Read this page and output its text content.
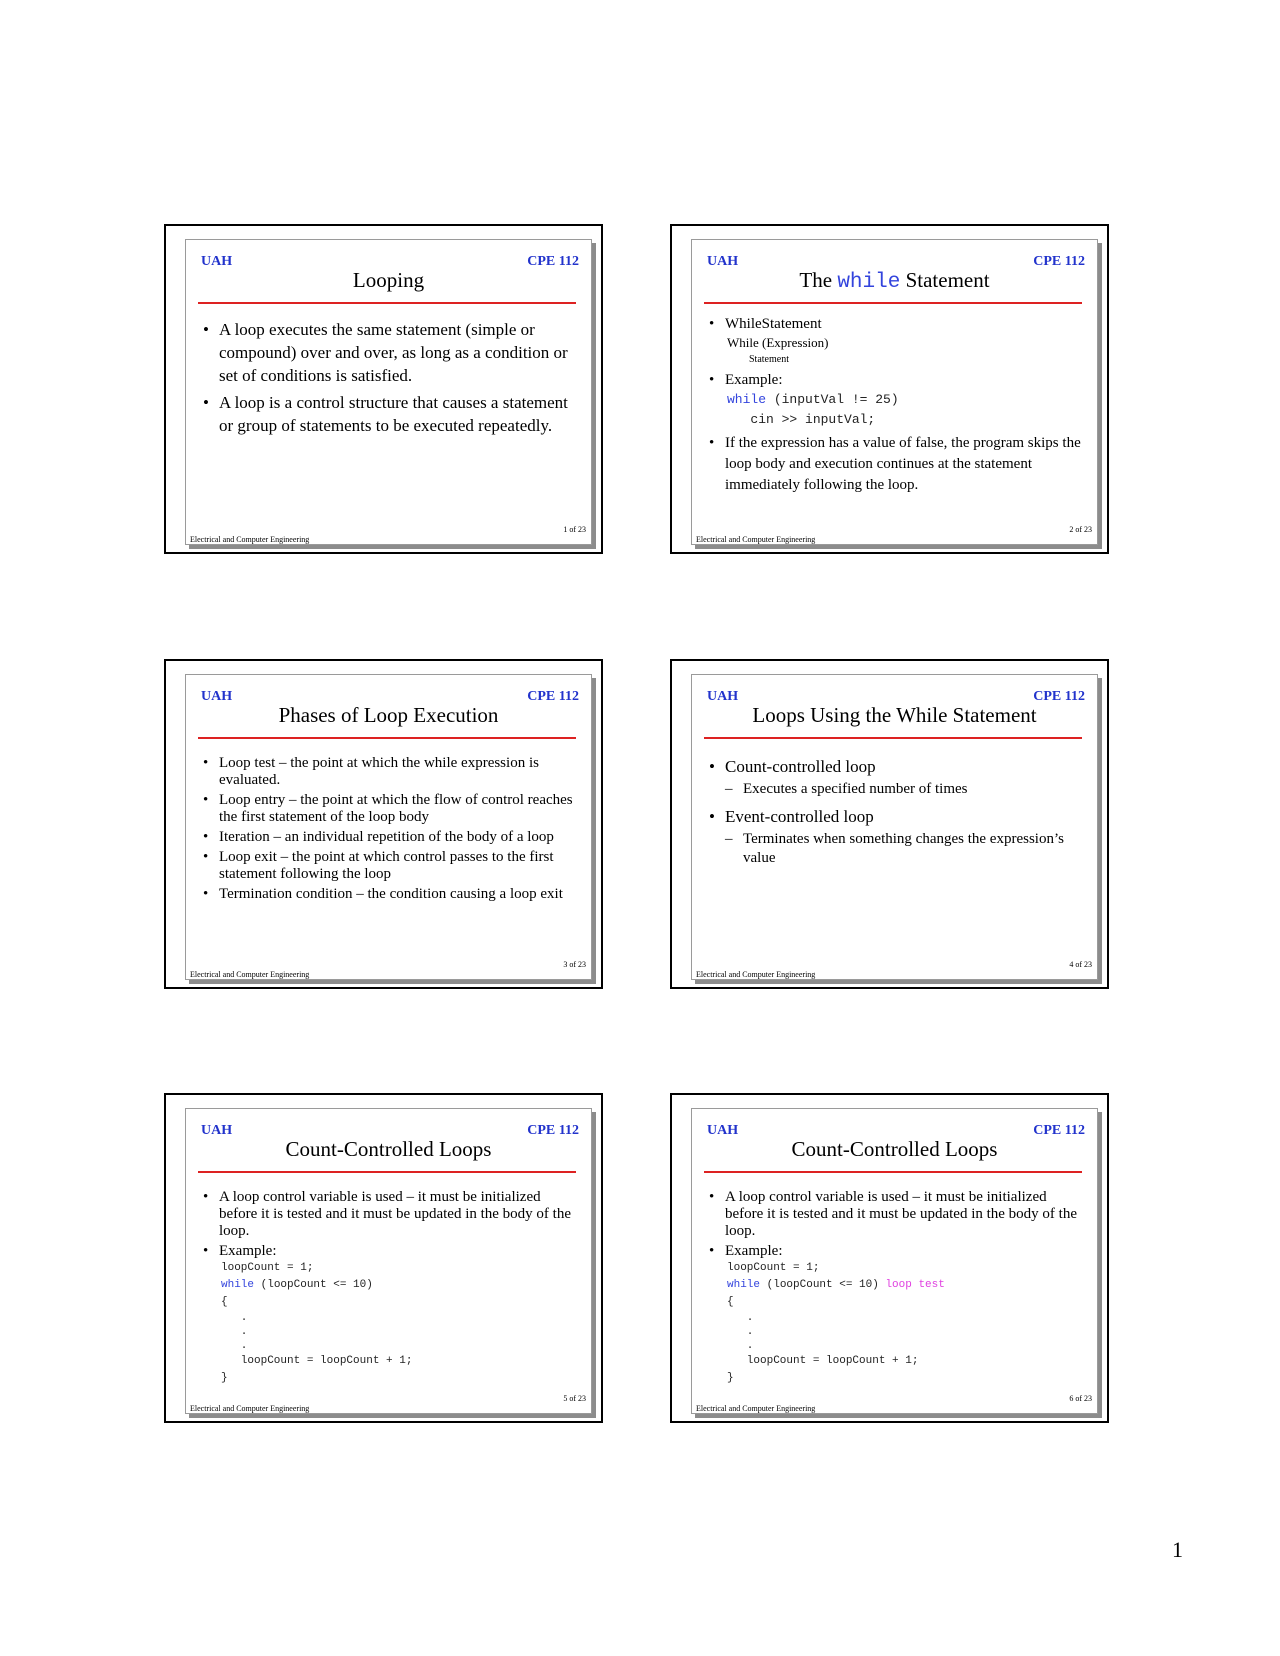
UAH	CPE 112
Looping
• A loop executes the same statement (simple or compound) over and over, as long as a condition or set of conditions is satisfied.
• A loop is a control structure that causes a statement or group of statements to be executed repeatedly.
1 of 23
Electrical and Computer Engineering
UAH	CPE 112
The while Statement
• WhileStatement
While (Expression)
Statement
• Example:
while (inputVal != 25)
cin >> inputVal;
• If the expression has a value of false, the program skips the loop body and execution continues at the statement immediately following the loop.
2 of 23
Electrical and Computer Engineering
UAH	CPE 112
Phases of Loop Execution
• Loop test – the point at which the while expression is evaluated.
• Loop entry – the point at which the flow of control reaches the first statement of the loop body
• Iteration – an individual repetition of the body of a loop
• Loop exit – the point at which control passes to the first statement following the loop
• Termination condition – the condition causing a loop exit
3 of 23
Electrical and Computer Engineering
UAH	CPE 112
Loops Using the While Statement
• Count-controlled loop
– Executes a specified number of times
• Event-controlled loop
– Terminates when something changes the expression’s value
4 of 23
Electrical and Computer Engineering
UAH	CPE 112
Count-Controlled Loops
• A loop control variable is used – it must be initialized before it is tested and it must be updated in the body of the loop.
• Example:
loopCount = 1;
while (loopCount <= 10)
{
.
.
.
loopCount = loopCount + 1;
}
5 of 23
Electrical and Computer Engineering
UAH	CPE 112
Count-Controlled Loops
• A loop control variable is used – it must be initialized before it is tested and it must be updated in the body of the loop.
• Example:
loopCount = 1;
while (loopCount <= 10) loop test
{
.
.
.
loopCount = loopCount + 1;
}
6 of 23
Electrical and Computer Engineering
1
